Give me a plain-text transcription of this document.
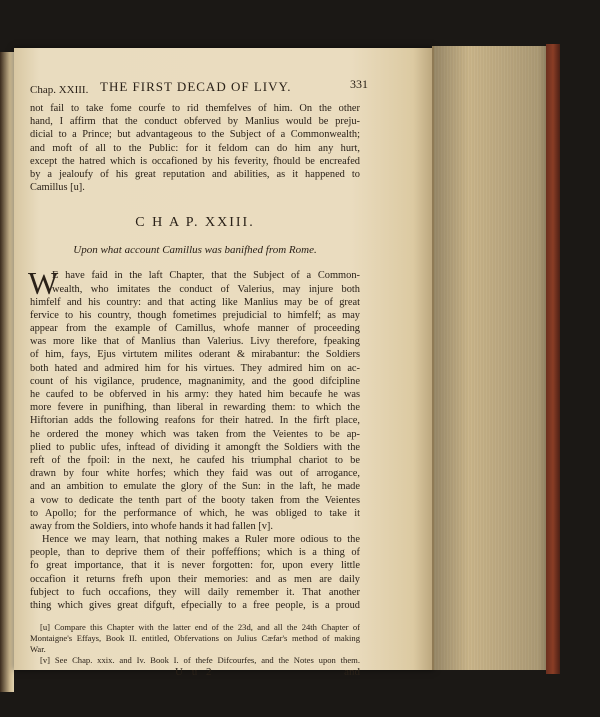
Chap. XXIII. THE FIRST DECAD OF LIVY.	331
not fail to take fome courfe to rid themfelves of him. On the other
hand, I affirm that the conduct obferved by Manlius would be preju-
dicial to a Prince; but advantageous to the Subject of a Commonwealth;
and moft of all to the Public: for it feldom can do him any hurt,
except the hatred which is occafioned by his feverity, fhould be encreafed
by a jealoufy of his great reputation and abilities, as it happened to
Camillus [u].
C H A P. XXIII.
Upon what account Camillus was banifhed from Rome.
W
E have faid in the laft Chapter, that the Subject of a Common-
wealth, who imitates the conduct of Valerius, may injure both
himfelf and his country: and that acting like Manlius may be of great
fervice to his country, though fometimes prejudicial to himfelf; as may
appear from the example of Camillus, whofe manner of proceeding
was more like that of Manlius than Valerius. Livy therefore, fpeaking
of him, fays, Ejus virtutem milites oderant & mirabantur: the Soldiers
both hated and admired him for his virtues. They admired him on ac-
count of his vigilance, prudence, magnanimity, and the good difcipline
he caufed to be obferved in his army: they hated him becaufe he was
more fevere in punifhing, than liberal in rewarding them: to which the
Hiftorian adds the following reafons for their hatred. In the firft place,
he ordered the money which was taken from the Veientes to be ap-
plied to public ufes, inftead of dividing it amongft the Soldiers with the
reft of the fpoil: in the next, he caufed his triumphal chariot to be
drawn by four white horfes; which they faid was out of arrogance,
and an ambition to emulate the glory of the Sun: in the laft, he made
a vow to dedicate the tenth part of the booty taken from the Veientes
to Apollo; for the performance of which, he was obliged to take it
away from the Soldiers, into whofe hands it had fallen [v].
Hence we may learn, that nothing makes a Ruler more odious to the
people, than to deprive them of their poffeffions; which is a thing of
fo great importance, that it is never forgotten: for, upon every little
occafion it returns frefh upon their memories: and as men are daily
fubject to fuch occafions, they will daily remember it. That another
thing which gives great difguft, efpecially to a free people, is a proud
[u] Compare this Chapter with the latter end of the 23d, and all the 24th Chapter of
Montaigne's Effays, Book II. entitled, Obfervations on Julius Cæfar's method of making
War.
[v] See Chap. xxix. and Iv. Book I. of thefe Difcourfes, and the Notes upon them.
U u 2	and
